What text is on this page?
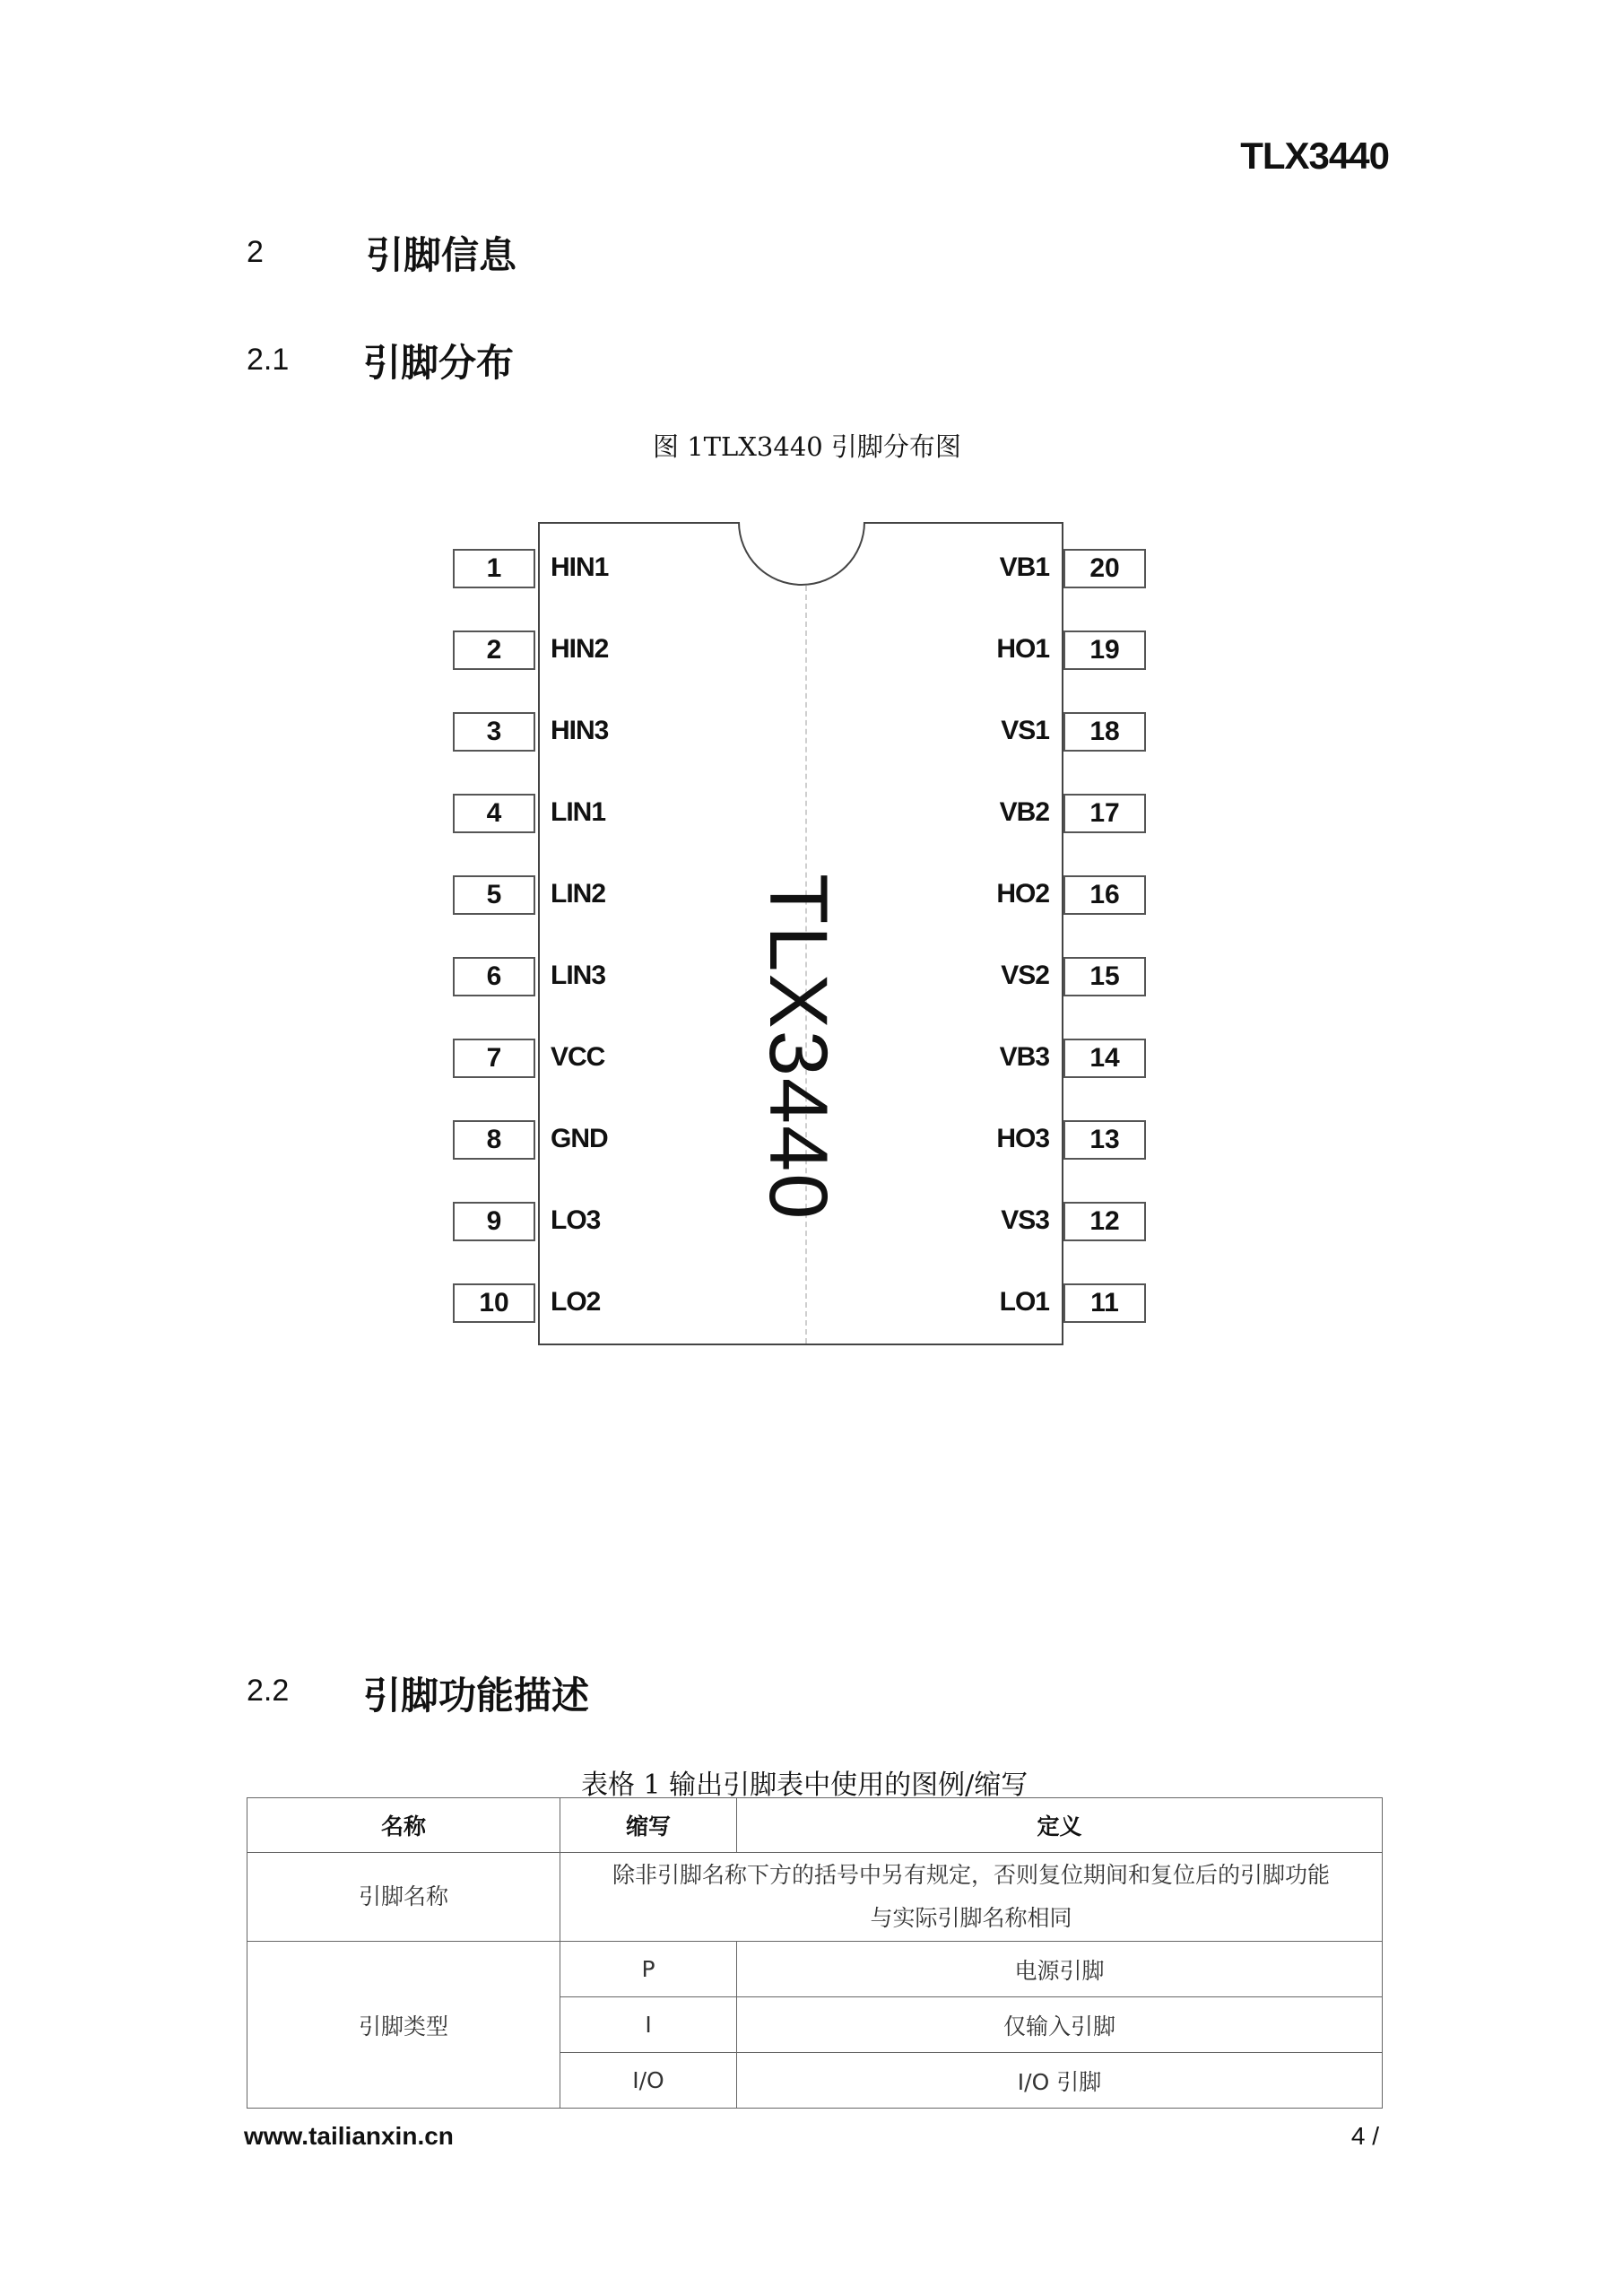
TLX3440
2	引脚信息
2.1 引脚分布
图 1TLX3440 引脚分布图
TLX3440
1	HIN1
2	HIN2
3	HIN3
4	LIN1
5	LIN2
6	LIN3
7	VCC
8	GND
9	LO3
10	LO2
20
VB1
19
HO1
18
VS1
17
VB2
16
HO2
15
VS2
14
VB3
13
HO3
12
VS3
11
LO1
2.2 引脚功能描述
表格 1 输出引脚表中使用的图例/缩写
名称	缩写	定义
引脚名称	除非引脚名称下方的括号中另有规定，否则复位期间和复位后的引脚功能
与实际引脚名称相同	

引脚类型	P	电源引脚
	I	仅输入引脚
	I/O	I/O 引脚
www.tailianxin.cn	4 /
